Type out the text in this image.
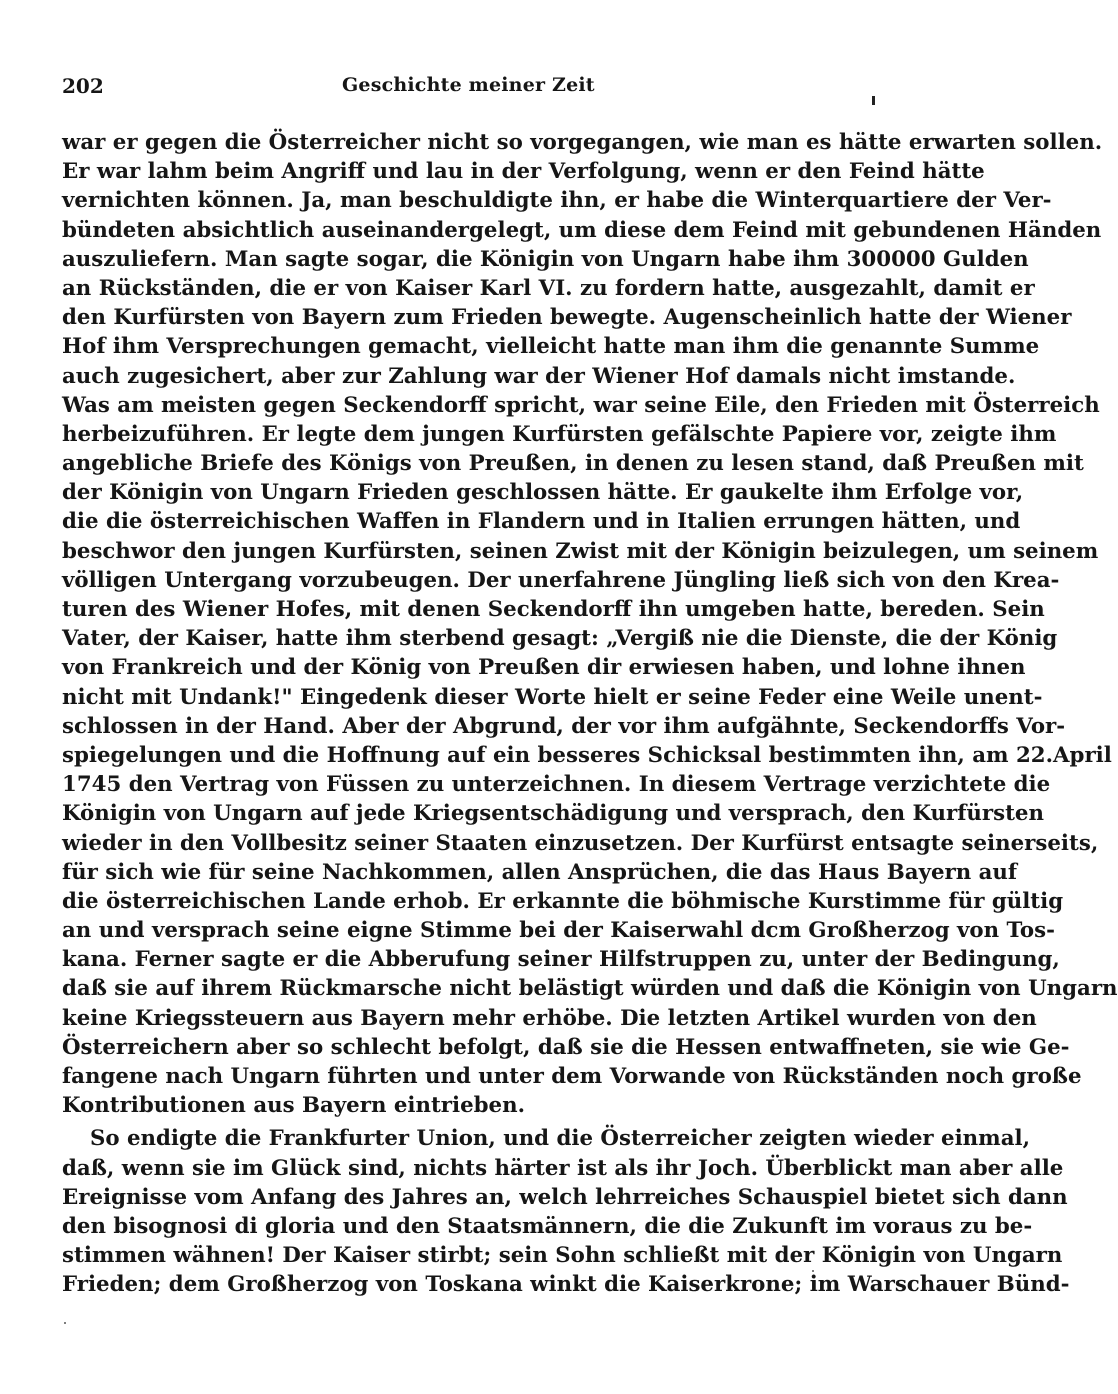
202	Geschichte meiner Zeit
war er gegen die Österreicher nicht so vorgegangen, wie man es hätte erwarten sollen.
Er war lahm beim Angriff und lau in der Verfolgung, wenn er den Feind hätte
vernichten können. Ja, man beschuldigte ihn, er habe die Winterquartiere der Ver-
bündeten absichtlich auseinandergelegt, um diese dem Feind mit gebundenen Händen
auszuliefern. Man sagte sogar, die Königin von Ungarn habe ihm 300000 Gulden
an Rückständen, die er von Kaiser Karl VI. zu fordern hatte, ausgezahlt, damit er
den Kurfürsten von Bayern zum Frieden bewegte. Augenscheinlich hatte der Wiener
Hof ihm Versprechungen gemacht, vielleicht hatte man ihm die genannte Summe
auch zugesichert, aber zur Zahlung war der Wiener Hof damals nicht imstande.
Was am meisten gegen Seckendorff spricht, war seine Eile, den Frieden mit Österreich
herbeizuführen. Er legte dem jungen Kurfürsten gefälschte Papiere vor, zeigte ihm
angebliche Briefe des Königs von Preußen, in denen zu lesen stand, daß Preußen mit
der Königin von Ungarn Frieden geschlossen hätte. Er gaukelte ihm Erfolge vor,
die die österreichischen Waffen in Flandern und in Italien errungen hätten, und
beschwor den jungen Kurfürsten, seinen Zwist mit der Königin beizulegen, um seinem
völligen Untergang vorzubeugen. Der unerfahrene Jüngling ließ sich von den Krea-
turen des Wiener Hofes, mit denen Seckendorff ihn umgeben hatte, bereden. Sein
Vater, der Kaiser, hatte ihm sterbend gesagt: „Vergiß nie die Dienste, die der König
von Frankreich und der König von Preußen dir erwiesen haben, und lohne ihnen
nicht mit Undank!" Eingedenk dieser Worte hielt er seine Feder eine Weile unent-
schlossen in der Hand. Aber der Abgrund, der vor ihm aufgähnte, Seckendorffs Vor-
spiegelungen und die Hoffnung auf ein besseres Schicksal bestimmten ihn, am 22.April
1745 den Vertrag von Füssen zu unterzeichnen. In diesem Vertrage verzichtete die
Königin von Ungarn auf jede Kriegsentschädigung und versprach, den Kurfürsten
wieder in den Vollbesitz seiner Staaten einzusetzen. Der Kurfürst entsagte seinerseits,
für sich wie für seine Nachkommen, allen Ansprüchen, die das Haus Bayern auf
die österreichischen Lande erhob. Er erkannte die böhmische Kurstimme für gültig
an und versprach seine eigne Stimme bei der Kaiserwahl dcm Großherzog von Tos-
kana. Ferner sagte er die Abberufung seiner Hilfstruppen zu, unter der Bedingung,
daß sie auf ihrem Rückmarsche nicht belästigt würden und daß die Königin von Ungarn
keine Kriegssteuern aus Bayern mehr erhöbe. Die letzten Artikel wurden von den
Österreichern aber so schlecht befolgt, daß sie die Hessen entwaffneten, sie wie Ge-
fangene nach Ungarn führten und unter dem Vorwande von Rückständen noch große
Kontributionen aus Bayern eintrieben.
So endigte die Frankfurter Union, und die Österreicher zeigten wieder einmal,
daß, wenn sie im Glück sind, nichts härter ist als ihr Joch. Überblickt man aber alle
Ereignisse vom Anfang des Jahres an, welch lehrreiches Schauspiel bietet sich dann
den bisognosi di gloria und den Staatsmännern, die die Zukunft im voraus zu be-
stimmen wähnen! Der Kaiser stirbt; sein Sohn schließt mit der Königin von Ungarn
Frieden; dem Großherzog von Toskana winkt die Kaiserkrone; im Warschauer Bünd-
